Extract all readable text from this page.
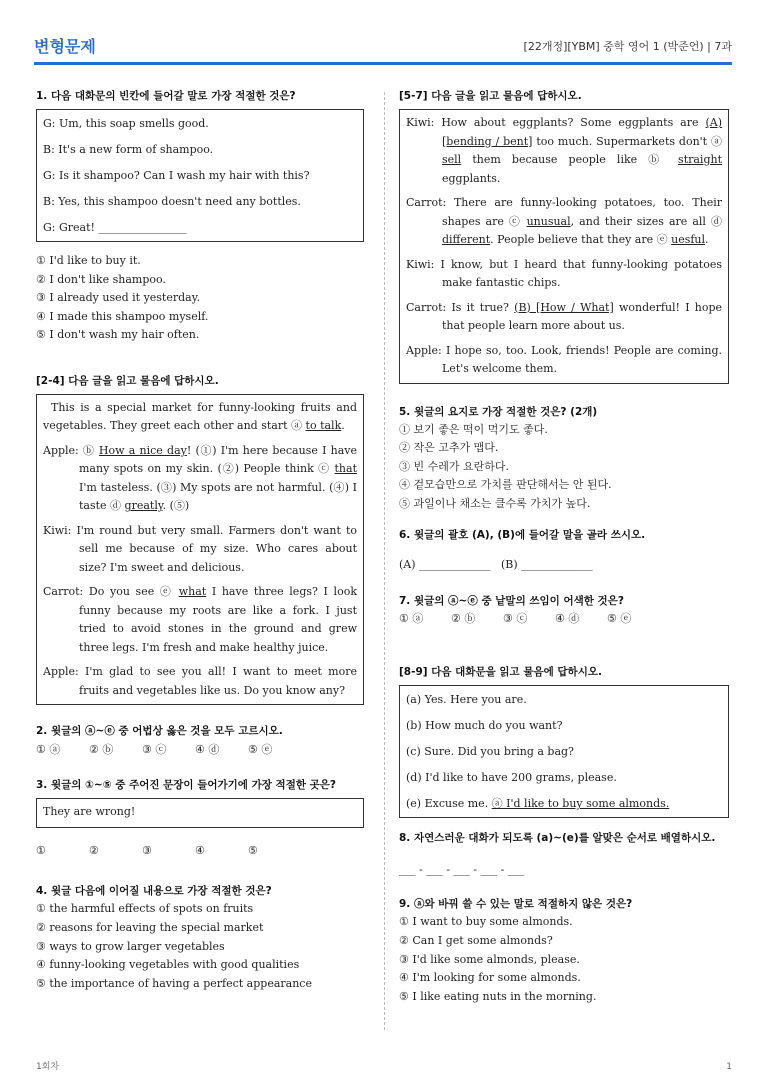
변형문제	[22개정][YBM] 중학 영어 1 (박준언) | 7과
1. 다음 대화문의 빈칸에 들어갈 말로 가장 적절한 것은?

G: Um, this soap smells good.

B: It's a new form of shampoo.

G: Is it shampoo? Can I wash my hair with this?

B: Yes, this shampoo doesn't need any bottles.

G: Great! ________________

① I'd like to buy it.
② I don't like shampoo.
③ I already used it yesterday.
④ I made this shampoo myself.
⑤ I don't wash my hair often.
[2-4] 다음 글을 읽고 물음에 답하시오.

This is a special market for funny-looking fruits and vegetables. They greet each other and start ⓐ to talk.

Apple: ⓑ How a nice day! (①) I'm here because I have many spots on my skin. (②) People think ⓒ that I'm tasteless. (③) My spots are not harmful. (④) I taste ⓓ greatly. (⑤)

Kiwi: I'm round but very small. Farmers don't want to sell me because of my size. Who cares about size? I'm sweet and delicious.

Carrot: Do you see ⓔ what I have three legs? I look funny because my roots are like a fork. I just tried to avoid stones in the ground and grew three legs. I'm fresh and make healthy juice.

Apple: I'm glad to see you all! I want to meet more fruits and vegetables like us. Do you know any?

2. 윗글의 ⓐ~ⓔ 중 어법상 옳은 것을 모두 고르시오.
① ⓐ	② ⓑ	③ ⓒ	④ ⓓ	⑤ ⓔ
3. 윗글의 ①~⑤ 중 주어진 문장이 들어가기에 가장 적절한 곳은?
They are wrong!
①	②	③	④	⑤
4. 윗글 다음에 이어질 내용으로 가장 적절한 것은?
① the harmful effects of spots on fruits
② reasons for leaving the special market
③ ways to grow larger vegetables
④ funny-looking vegetables with good qualities
⑤ the importance of having a perfect appearance
[5-7] 다음 글을 읽고 물음에 답하시오.

Kiwi: How about eggplants? Some eggplants are (A) [bending / bent] too much. Supermarkets don't ⓐ sell them because people like ⓑ straight eggplants.

Carrot: There are funny-looking potatoes, too. Their shapes are ⓒ unusual, and their sizes are all ⓓ different. People believe that they are ⓔ uesful.

Kiwi: I know, but I heard that funny-looking potatoes make fantastic chips.

Carrot: Is it true? (B) [How / What] wonderful! I hope that people learn more about us.

Apple: I hope so, too. Look, friends! People are coming. Let's welcome them.

5. 윗글의 요지로 가장 적절한 것은? (2개)
① 보기 좋은 떡이 먹기도 좋다.
② 작은 고추가 맵다.
③ 빈 수레가 요란하다.
④ 겉모습만으로 가치를 판단해서는 안 된다.
⑤ 과일이나 채소는 클수록 가치가 높다.
6. 윗글의 괄호 (A), (B)에 들어갈 말을 골라 쓰시오.
(A) _____________   (B) _____________
7. 윗글의 ⓐ~ⓔ 중 낱말의 쓰임이 어색한 것은?
① ⓐ	② ⓑ	③ ⓒ	④ ⓓ	⑤ ⓔ
[8-9] 다음 대화문을 읽고 물음에 답하시오.

(a) Yes. Here you are.

(b) How much do you want?

(c) Sure. Did you bring a bag?

(d) I'd like to have 200 grams, please.

(e) Excuse me. ⓐ I'd like to buy some almonds.

8. 자연스러운 대화가 되도록 (a)~(e)를 알맞은 순서로 배열하시오.
___ - ___ - ___ - ___ - ___
9. ⓐ와 바꿔 쓸 수 있는 말로 적절하지 않은 것은?
① I want to buy some almonds.
② Can I get some almonds?
③ I'd like some almonds, please.
④ I'm looking for some almonds.
⑤ I like eating nuts in the morning.
1회차	1
